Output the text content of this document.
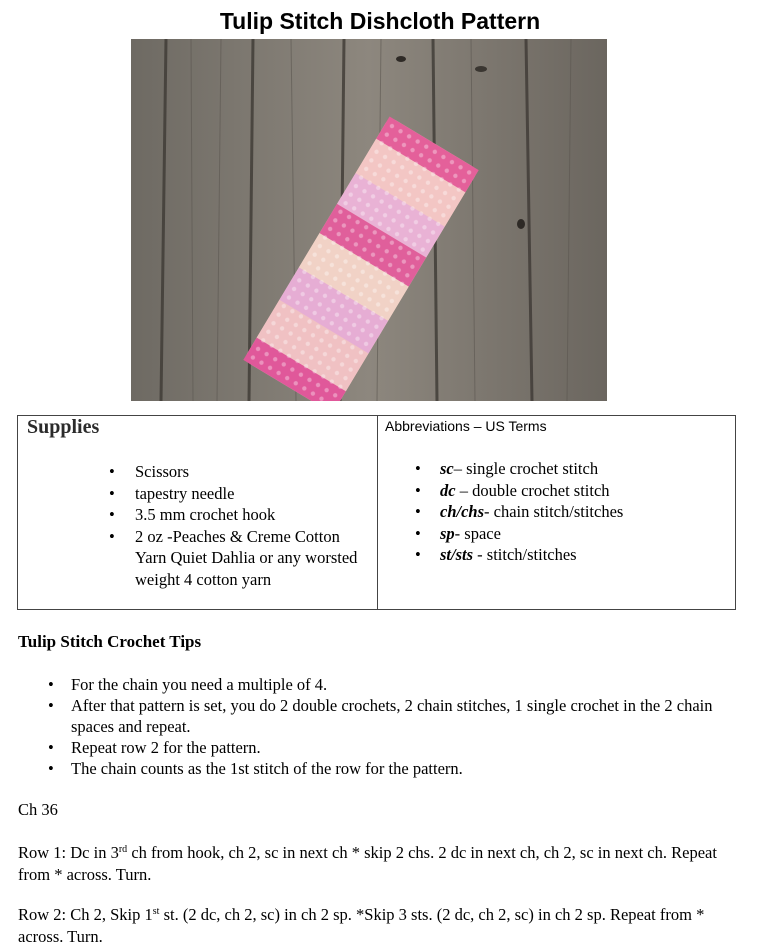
Tulip Stitch Dishcloth Pattern
Supplies
• Scissors
• tapestry needle
• 3.5 mm crochet hook
• 2 oz -Peaches & Creme Cotton Yarn Quiet Dahlia or any worsted weight 4 cotton yarn
Abbreviations – US Terms
• sc– single crochet stitch
• dc – double crochet stitch
• ch/chs- chain stitch/stitches
• sp- space
• st/sts - stitch/stitches
Tulip Stitch Crochet Tips
• For the chain you need a multiple of 4.
• After that pattern is set, you do 2 double crochets, 2 chain stitches, 1 single crochet in the 2 chain spaces and repeat.
• Repeat row 2 for the pattern.
• The chain counts as the 1st stitch of the row for the pattern.
Ch 36
Row 1: Dc in 3rd ch from hook, ch 2, sc in next ch * skip 2 chs. 2 dc in next ch, ch 2, sc in next ch. Repeat from * across. Turn.
Row 2: Ch 2, Skip 1st st. (2 dc, ch 2, sc) in ch 2 sp. *Skip 3 sts. (2 dc, ch 2, sc) in ch 2 sp. Repeat from * across. Turn.
